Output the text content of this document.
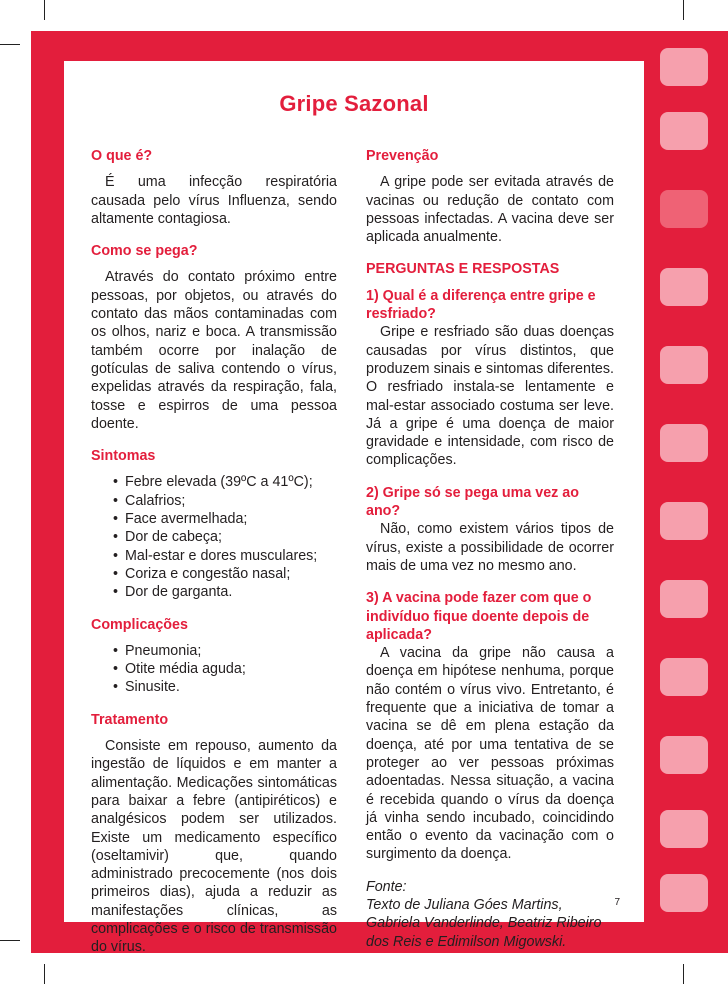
Gripe Sazonal
O que é?

É uma infecção respiratória causada pelo vírus Influenza, sendo altamente contagiosa.

Como se pega?

Através do contato próximo entre pessoas, por objetos, ou através do contato das mãos contaminadas com os olhos, nariz e boca. A transmissão também ocorre por inalação de gotículas de saliva contendo o vírus, expelidas através da respiração, fala, tosse e espirros de uma pessoa doente.

Sintomas
• Febre elevada (39ºC a 41ºC);
• Calafrios;
• Face avermelhada;
• Dor de cabeça;
• Mal-estar e dores musculares;
• Coriza e congestão nasal;
• Dor de garganta.
Complicações
• Pneumonia;
• Otite média aguda;
• Sinusite.
Tratamento

Consiste em repouso, aumento da ingestão de líquidos e em manter a alimentação. Medicações sintomáticas para baixar a febre (antipiréticos) e analgésicos podem ser utilizados. Existe um medicamento específico (oseltamivir) que, quando administrado precocemente (nos dois primeiros dias), ajuda a reduzir as manifestações clínicas, as complicações e o risco de transmissão do vírus.

Prevenção

A gripe pode ser evitada através de vacinas ou redução de contato com pessoas infectadas. A vacina deve ser aplicada anualmente.

PERGUNTAS E RESPOSTAS
1) Qual é a diferença entre gripe e resfriado?

Gripe e resfriado são duas doenças causadas por vírus distintos, que produzem sinais e sintomas diferentes. O resfriado instala-se lentamente e mal-estar associado costuma ser leve. Já a gripe é uma doença de maior gravidade e intensidade, com risco de complicações.

2) Gripe só se pega uma vez ao ano?

Não, como existem vários tipos de vírus, existe a possibilidade de ocorrer mais de uma vez no mesmo ano.

3) A vacina pode fazer com que o indivíduo fique doente depois de aplicada?

A vacina da gripe não causa a doença em hipótese nenhuma, porque não contém o vírus vivo. Entretanto, é frequente que a iniciativa de tomar a vacina se dê em plena estação da doença, até por uma tentativa de se proteger ao ver pessoas próximas adoentadas. Nessa situação, a vacina é recebida quando o vírus da doença já vinha sendo incubado, coincidindo então o evento da vacinação com o surgimento da doença.

Fonte:

Texto de Juliana Góes Martins, Gabriela Vanderlinde, Beatriz Ribeiro dos Reis e Edimilson Migowski.

7
